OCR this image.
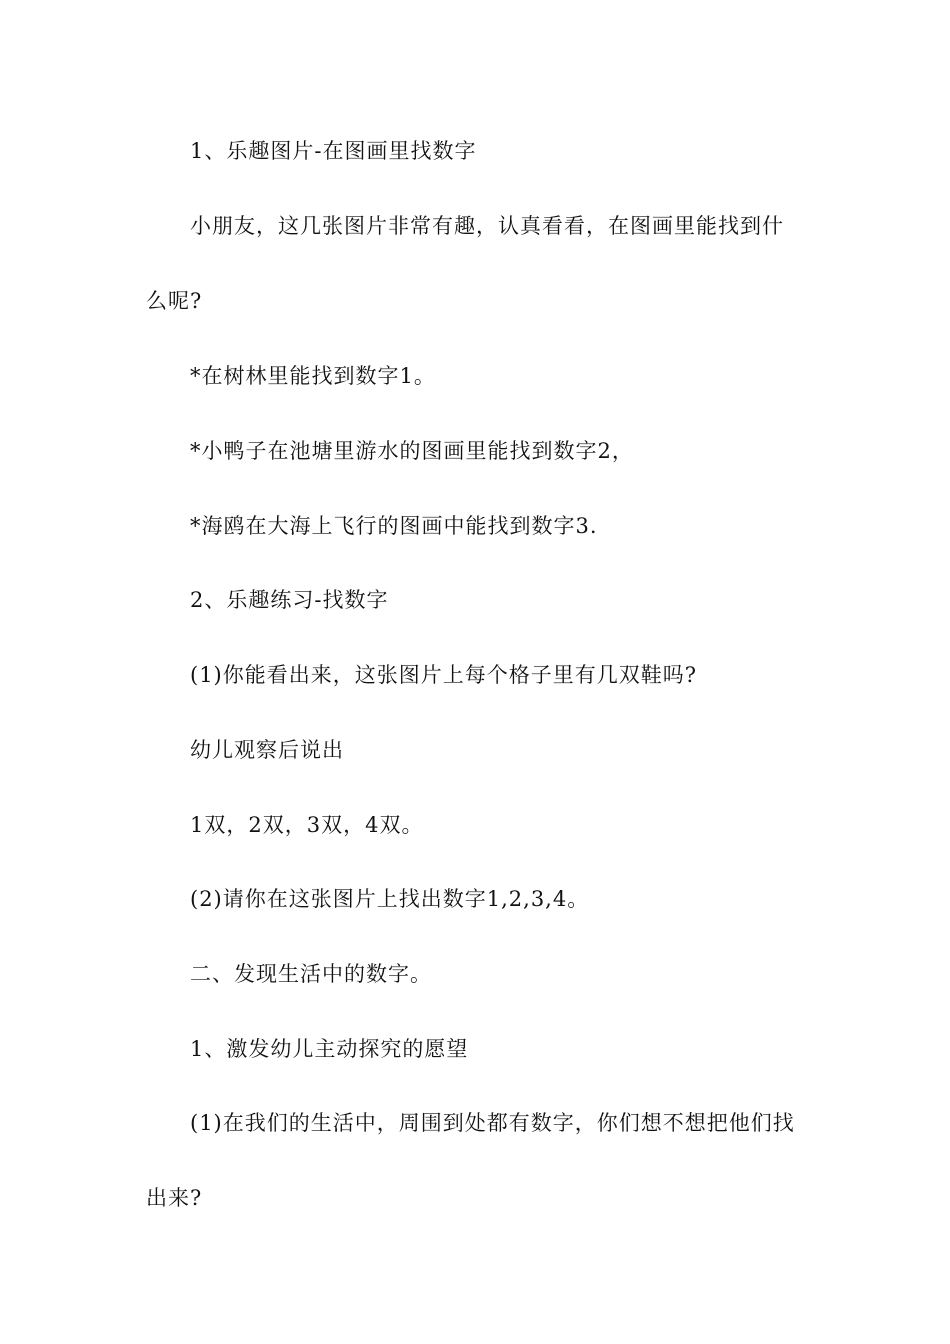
1、乐趣图片-在图画里找数字
小朋友，这几张图片非常有趣，认真看看，在图画里能找到什
么呢?
*在树林里能找到数字1。
*小鸭子在池塘里游水的图画里能找到数字2，
*海鸥在大海上飞行的图画中能找到数字3.
2、乐趣练习-找数字
(1)你能看出来，这张图片上每个格子里有几双鞋吗?
幼儿观察后说出
1双，2双，3双，4双。
(2)请你在这张图片上找出数字1,2,3,4。
二、发现生活中的数字。
1、激发幼儿主动探究的愿望
(1)在我们的生活中，周围到处都有数字，你们想不想把他们找
出来?
